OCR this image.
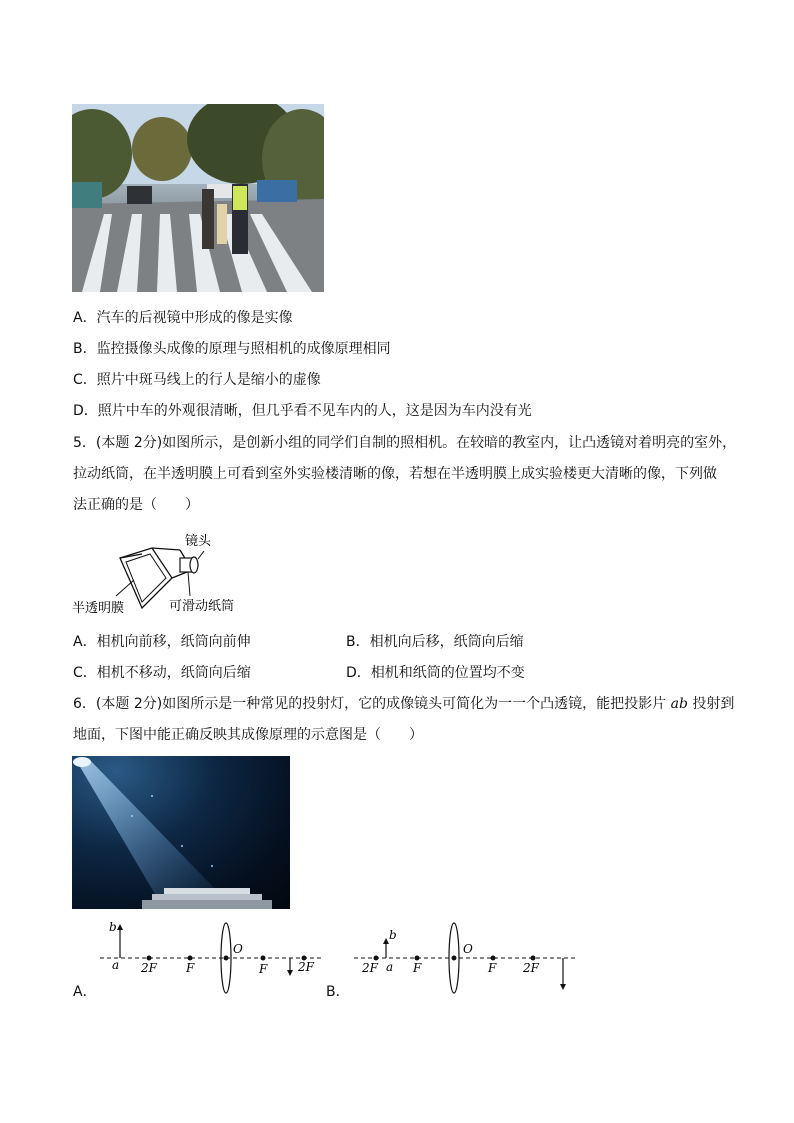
A．汽车的后视镜中形成的像是实像
B．监控摄像头成像的原理与照相机的成像原理相同
C．照片中斑马线上的行人是缩小的虚像
D．照片中车的外观很清晰，但几乎看不见车内的人，这是因为车内没有光
5．(本题 2分)如图所示，是创新小组的同学们自制的照相机。在较暗的教室内，让凸透镜对着明亮的室外，
拉动纸筒，在半透明膜上可看到室外实验楼清晰的像，若想在半透明膜上成实验楼更大清晰的像，下列做
法正确的是（　　）
镜头
半透明膜	可滑动纸筒
A．相机向前移，纸筒向前伸	B．相机向后移，纸筒向后缩
C．相机不移动，纸筒向后缩	D．相机和纸筒的位置均不变
6．(本题 2分)如图所示是一种常见的投射灯，它的成像镜头可简化为一一个凸透镜，能把投影片 ab 投射到
地面，下图中能正确反映其成像原理的示意图是（　　）
b
a 2F F
O
F	2F
A．
2F
b
a F
O
F 2F
B．
